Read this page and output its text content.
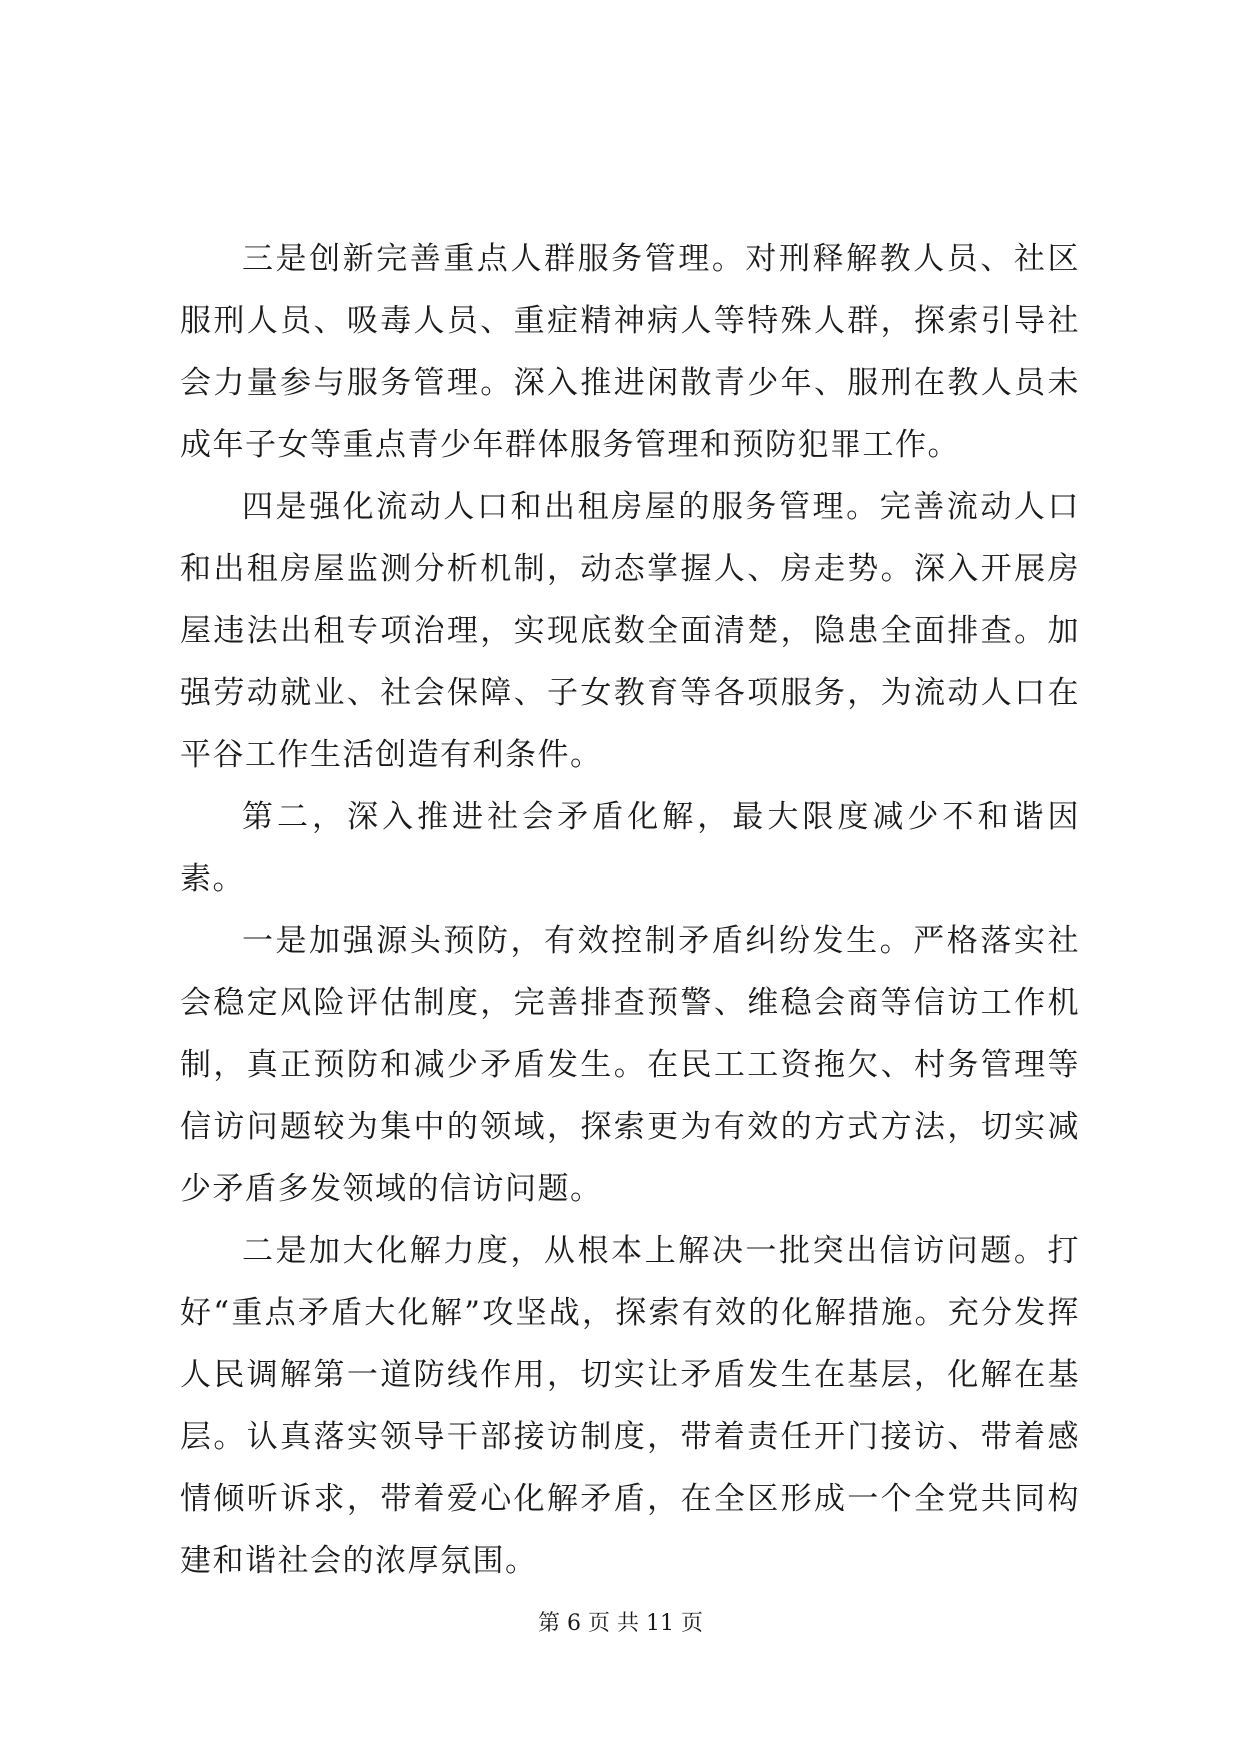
三是创新完善重点人群服务管理。对刑释解教人员、社区服刑人员、吸毒人员、重症精神病人等特殊人群，探索引导社会力量参与服务管理。深入推进闲散青少年、服刑在教人员未成年子女等重点青少年群体服务管理和预防犯罪工作。

四是强化流动人口和出租房屋的服务管理。完善流动人口和出租房屋监测分析机制，动态掌握人、房走势。深入开展房屋违法出租专项治理，实现底数全面清楚，隐患全面排查。加强劳动就业、社会保障、子女教育等各项服务，为流动人口在平谷工作生活创造有利条件。

第二，深入推进社会矛盾化解，最大限度减少不和谐因素。

一是加强源头预防，有效控制矛盾纠纷发生。严格落实社会稳定风险评估制度，完善排查预警、维稳会商等信访工作机制，真正预防和减少矛盾发生。在民工工资拖欠、村务管理等信访问题较为集中的领域，探索更为有效的方式方法，切实减少矛盾多发领域的信访问题。

二是加大化解力度，从根本上解决一批突出信访问题。打好“重点矛盾大化解”攻坚战，探索有效的化解措施。充分发挥人民调解第一道防线作用，切实让矛盾发生在基层，化解在基层。认真落实领导干部接访制度，带着责任开门接访、带着感情倾听诉求，带着爱心化解矛盾，在全区形成一个全党共同构建和谐社会的浓厚氛围。

第 6 页 共 11 页
